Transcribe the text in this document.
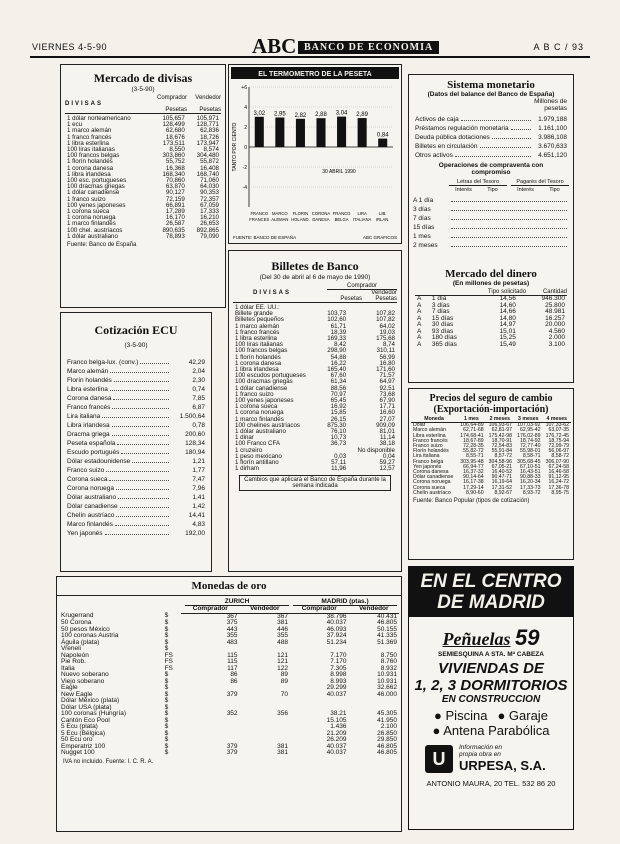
VIERNES 4-5-90	ABC BANCO DE ECONOMIA	A B C / 93
Mercado de divisas
(3-5-90)
DIVISAS
Comprador	Vendedor
Pesetas	Pesetas
1 dólar norteamericano	105,657	105,971
1 ecu	128,499	128,771
1 marco alemán	62,680	62,836
1 franco francés	18,676	18,726
1 libra esterlina	173,511	173,947
100 liras italianas	8,550	8,574
100 francos belgas	303,860	304,480
1 florín holandés	55,752	55,872
1 corona danesa	16,368	16,408
1 libra irlandesa	168,340	168,740
100 esc. portugueses	70,860	71,060
100 dracmas griegas	63,870	64,030
1 dólar canadiense	90,127	90,353
1 franco suizo	72,159	72,357
100 yenes japoneses	66,891	67,059
1 corona sueca	17,289	17,333
1 corona noruega	16,170	16,210
1 marco finlandés	26,587	26,653
100 chel. austríacos	890,635	892,865
1 dólar australiano	78,893	79,090
Fuente: Banco de España
EL TERMOMETRO DE LA PESETA
TANTO POR CIENTO
+6
4
2
0
-2
-4
3,02
FRANCO
FRANCES
2,95
MARCO
ALEMAN
2,82
FLORIN
HOLAND.
2,88
CORONA
DANESA
3,04
FRANCO
BELGA
2,89
LIRA
ITALIANA
0,84
LIB.
IRLAN.
30 ABRIL 1990
FUENTE: BANCO DE ESPAÑA	ABC GRAFICOS
Sistema monetario
(Datos del balance del Banco de España)
Millones de pesetas
Activos de caja	1.979,188
Préstamos regulación monetaria	1.161,100
Deuda pública dotaciones	3.986,108
Billetes en circulación	3.670,633
Otros activos	4.651,120
Operaciones de compraventa con compromiso
Letras del Tesoro	Pagarés del Tesoro
Interés	Tipo	Interés	Tipo
A 1 día
3 días
7 días
15 días
1 mes
2 meses
Mercado del dinero
(En millones de pesetas)
Tipo solicitado	Cantidad
A	1 día	14,56	946.300
A	3 días	14,60	25.800
A	7 días	14,66	48.981
A	15 días	14,80	16.257
A	30 días	14,97	20.000
A	93 días	15,01	4.560
A	180 días	15,25	2.000
A	365 días	15,49	3.100
Cotización ECU
(3-5-90)
Franco belga-lux. (conv.)	42,29
Marco alemán	2,04
Florín holandés	2,30
Libra esterlina	0,74
Corona danesa	7,85
Franco francés	6,87
Lira italiana	1.500,64
Libra irlandesa	0,78
Dracma griega	200,60
Peseta española	128,34
Escudo portugués	180,94
Dólar estadounidense	1,21
Franco suizo	1,77
Corona sueca	7,47
Corona noruega	7,96
Dólar australiano	1,41
Dólar canadiense	1,42
Chelín austríaco	14,41
Marco finlandés	4,83
Yen japonés	192,00
Billetes de Banco
(Del 30 de abril al 6 de mayo de 1990)
Comprador
DIVISAS	Vendedor
Pesetas	Pesetas
1 dólar EE. UU.:		
Billete grande	103,73	107,82
Billetes pequeños	102,60	107,82
1 marco alemán	61,71	64,02
1 franco francés	18,39	19,03
1 libra esterlina	169,33	175,68
100 liras italianas	8,42	8,74
100 francos belgas	298,90	310,11
1 florín holandés	54,88	56,99
1 corona danesa	16,22	16,80
1 libra irlandesa	165,40	171,60
100 escudos portugueses	67,60	71,57
100 dracmas griegas	61,34	64,97
1 dólar canadiense	88,56	92,51
1 franco suizo	70,97	73,68
100 yenes japoneses	65,45	67,90
1 corona sueca	16,92	17,71
1 corona noruega	15,85	16,60
1 marco finlandés	26,15	27,07
100 chelines austríacos	875,30	909,09
1 dólar australiano	76,10	81,01
1 dinar	10,73	11,14
100 Franco CFA	36,73	38,18
1 cruzeiro		No disponible
1 peso mexicano	0,03	0,04
1 florín antillano	57,11	59,27
1 dirham	11,96	12,57
Cambios que aplicará el Banco de España durante la semana indicada
Precios del seguro de cambio
(Exportación-importación)
Moneda	1 mes	2 meses	3 meses	4 meses
Dólar	106,64-89	106,93-67	107,03-92	107,33-62
Marco alemán	62,71-68	62,81-97	62,95-42	63,07-35
Libra esterlina	174,68-41	175,42-98	176,02-89	176,72-45
Franco francés	18,67-89	18,70-91	18,74-92	18,75-94
Franco suizo	72,28-35	72,54-83	72,77-40	72,99-79
Florín holandés	55,82-72	55,91-84	55,98-01	56,06-97
Lira italiana	8,55-71	8,57-72	8,58-71	8,58-72
Franco belga	303,95-48	304,58-96	305,68-45	306,07-90
Yen japonés	66,94-77	67,05-21	67,10-51	67,24-58
Corona danesa	16,37-32	16,40-52	16,43-51	16,46-58
Dólar canadiense	90,14-64	90,47-71	90,88-33	91,12-95
Corona noruega	16,17-38	16,19-64	16,20-34	16,24-72
Corona sueca	17,29-14	17,31-52	17,33-73	17,36-78
Chelín austríaco	8,90-60	8,92-67	8,93-72	8,95-75
Fuente: Banco Popular (tipos de cotización)
Monedas de oro
ZURICH	MADRID (ptas.)
		Comprador	Vendedor	Comprador	Vendedor
Krugerrand	$	367	367	38.796	40.431
50 Corona	$	375	381	40.037	46.805
50 pesos México	$	443	446	46.093	50.155
100 coronas Austria	$	355	355	37.924	41.335
Águila (plata)	$	483	488	51.234	51.369
Vreneli	$				
Napoleón	FS	115	121	7.170	8.750
Pie Rob.	FS	115	121	7.170	8.760
Italia	FS	117	122	7.305	8.932
Nuevo soberano	$	86	89	8.998	10.931
Viejo soberano	$	86	89	8.993	10.931
Eagle	$			29.299	32.662
New Eagle	$	379	70	40.037	46.000
Dólar México (plata)	$				
Dólar USA (plata)	$				
100 coronas (Hungría)	$	352	356	38.21	45.305
Cantón Eco Pool	$			15.105	41.950
5 Ecu (plata)	$			1.436	2.100
5 Ecu (Bélgica)	$			21.209	26.850
50 Ecu oro	$			26.209	29.850
Emperatriz 100	$	379	381	40.037	46.805
Nugget 100	$	379	381	40.037	46.805
IVA no incluido. Fuente: I. C. R. A.
EN EL CENTRO
DE MADRID
Peñuelas 59
SEMIESQUINA A STA. Mª CABEZA
VIVIENDAS DE
1, 2, 3 DORMITORIOS
EN CONSTRUCCION
● Piscina ● Garaje
● Antena Parabólica
U
Información en
propia obra en
URPESA, S.A.
ANTONIO MAURA, 20 TEL. 532 86 20
